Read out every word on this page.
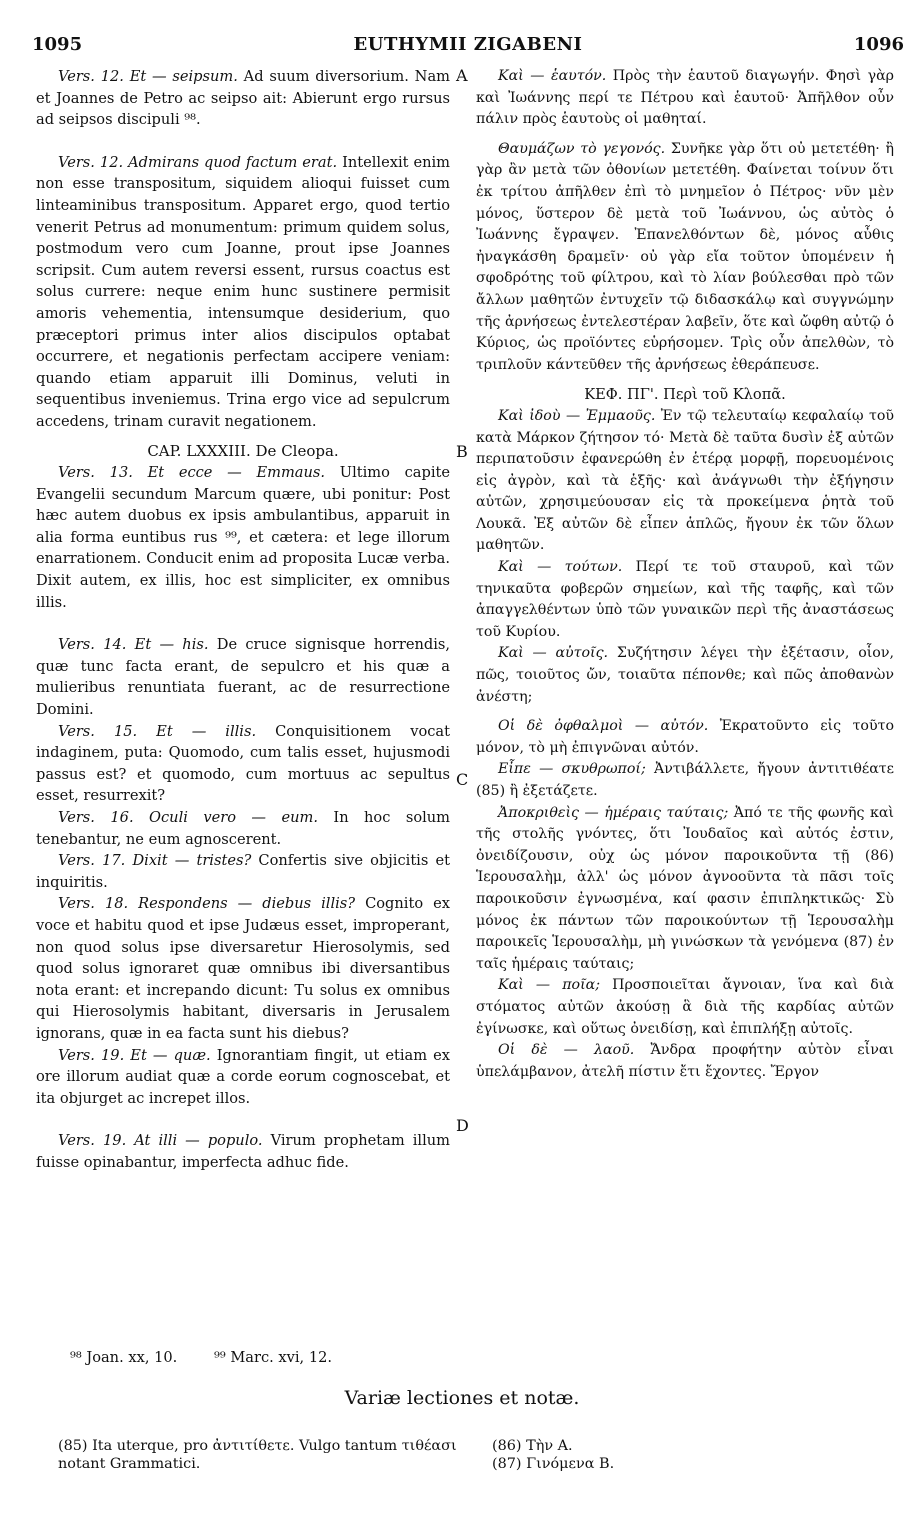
1095	EUTHYMII ZIGABENI	1096

Vers. 12. Et — seipsum. Ad suum diversorium. Nam et Joannes de Petro ac seipso ait: Abierunt ergo rursus ad seipsos discipuli ⁹⁸.

Vers. 12. Admirans quod factum erat. Intellexit enim non esse transpositum, siquidem alioqui fuisset cum linteaminibus transpositum. Apparet ergo, quod tertio venerit Petrus ad monumentum: primum quidem solus, postmodum vero cum Joanne, prout ipse Joannes scripsit. Cum autem reversi essent, rursus coactus est solus currere: neque enim hunc sustinere permisit amoris vehementia, intensumque desiderium, quo præceptori primus inter alios discipulos optabat occurrere, et negationis perfectam accipere veniam: quando etiam apparuit illi Dominus, veluti in sequentibus inveniemus. Trina ergo vice ad sepulcrum accedens, trinam curavit negationem.

CAP. LXXXIII. De Cleopa.

Vers. 13. Et ecce — Emmaus. Ultimo capite Evangelii secundum Marcum quære, ubi ponitur: Post hæc autem duobus ex ipsis ambulantibus, apparuit in alia forma euntibus rus ⁹⁹, et cætera: et lege illorum enarrationem. Conducit enim ad proposita Lucæ verba. Dixit autem, ex illis, hoc est simpliciter, ex omnibus illis.

Vers. 14. Et — his. De cruce signisque horrendis, quæ tunc facta erant, de sepulcro et his quæ a mulieribus renuntiata fuerant, ac de resurrectione Domini.

Vers. 15. Et — illis. Conquisitionem vocat indaginem, puta: Quomodo, cum talis esset, hujusmodi passus est? et quomodo, cum mortuus ac sepultus esset, resurrexit?

Vers. 16. Oculi vero — eum. In hoc solum tenebantur, ne eum agnoscerent.

Vers. 17. Dixit — tristes? Confertis sive objicitis et inquiritis.

Vers. 18. Respondens — diebus illis? Cognito ex voce et habitu quod et ipse Judæus esset, improperant, non quod solus ipse diversaretur Hierosolymis, sed quod solus ignoraret quæ omnibus ibi diversantibus nota erant: et increpando dicunt: Tu solus ex omnibus qui Hierosolymis habitant, diversaris in Jerusalem ignorans, quæ in ea facta sunt his diebus?

Vers. 19. Et — quæ. Ignorantiam fingit, ut etiam ex ore illorum audiat quæ a corde eorum cognoscebat, et ita objurget ac increpet illos.

Vers. 19. At illi — populo. Virum prophetam illum fuisse opinabantur, imperfecta adhuc fide.

A
B
C
D

Καὶ — ἑαυτόν. Πρὸς τὴν ἑαυτοῦ διαγωγήν. Φησὶ γὰρ καὶ Ἰωάννης περί τε Πέτρου καὶ ἑαυτοῦ· Ἀπῆλθον οὖν πάλιν πρὸς ἑαυτοὺς οἱ μαθηταί.

Θαυμάζων τὸ γεγονός. Συνῆκε γὰρ ὅτι οὐ μετετέθη· ἢ γὰρ ἂν μετὰ τῶν ὀθονίων μετετέθη. Φαίνεται τοίνυν ὅτι ἐκ τρίτου ἀπῆλθεν ἐπὶ τὸ μνημεῖον ὁ Πέτρος· νῦν μὲν μόνος, ὕστερον δὲ μετὰ τοῦ Ἰωάννου, ὡς αὐτὸς ὁ Ἰωάννης ἔγραψεν. Ἐπανελθόντων δὲ, μόνος αὖθις ἠναγκάσθη δραμεῖν· οὐ γὰρ εἴα τοῦτον ὑπομένειν ἡ σφοδρότης τοῦ φίλτρου, καὶ τὸ λίαν βούλεσθαι πρὸ τῶν ἄλλων μαθητῶν ἐντυχεῖν τῷ διδασκάλῳ καὶ συγγνώμην τῆς ἀρνήσεως ἐντελεστέραν λαβεῖν, ὅτε καὶ ὤφθη αὐτῷ ὁ Κύριος, ὡς προϊόντες εὑρήσομεν. Τρὶς οὖν ἀπελθὼν, τὸ τριπλοῦν κάντεῦθεν τῆς ἀρνήσεως ἐθεράπευσε.

ΚΕΦ. ΠΓ'. Περὶ τοῦ Κλοπᾶ.

Καὶ ἰδοὺ — Ἐμμαοῦς. Ἐν τῷ τελευταίῳ κεφαλαίῳ τοῦ κατὰ Μάρκον ζήτησον τό· Μετὰ δὲ ταῦτα δυσὶν ἐξ αὐτῶν περιπατοῦσιν ἐφανερώθη ἐν ἑτέρᾳ μορφῇ, πορευομένοις εἰς ἀγρὸν, καὶ τὰ ἑξῆς· καὶ ἀνάγνωθι τὴν ἐξήγησιν αὐτῶν, χρησιμεύουσαν εἰς τὰ προκείμενα ῥητὰ τοῦ Λουκᾶ. Ἐξ αὐτῶν δὲ εἶπεν ἁπλῶς, ἤγουν ἐκ τῶν ὅλων μαθητῶν.

Καὶ — τούτων. Περί τε τοῦ σταυροῦ, καὶ τῶν τηνικαῦτα φοβερῶν σημείων, καὶ τῆς ταφῆς, καὶ τῶν ἀπαγγελθέντων ὑπὸ τῶν γυναικῶν περὶ τῆς ἀναστάσεως τοῦ Κυρίου.

Καὶ — αὐτοῖς. Συζήτησιν λέγει τὴν ἐξέτασιν, οἷον, πῶς, τοιοῦτος ὤν, τοιαῦτα πέπονθε; καὶ πῶς ἀποθανὼν ἀνέστη;

Οἱ δὲ ὀφθαλμοὶ — αὐτόν. Ἐκρατοῦντο εἰς τοῦτο μόνον, τὸ μὴ ἐπιγνῶναι αὐτόν.

Εἶπε — σκυθρωποί; Ἀντιβάλλετε, ἤγουν ἀντιτιθέατε (85) ἢ ἐξετάζετε.

Ἀποκριθεὶς — ἡμέραις ταύταις; Ἀπό τε τῆς φωνῆς καὶ τῆς στολῆς γνόντες, ὅτι Ἰουδαῖος καὶ αὐτός ἐστιν, ὀνειδίζουσιν, οὐχ ὡς μόνον παροικοῦντα τῇ (86) Ἱερουσαλὴμ, ἀλλ' ὡς μόνον ἀγνοοῦντα τὰ πᾶσι τοῖς παροικοῦσιν ἐγνωσμένα, καί φασιν ἐπιπληκτικῶς· Σὺ μόνος ἐκ πάντων τῶν παροικούντων τῇ Ἱερουσαλὴμ παροικεῖς Ἱερουσαλὴμ, μὴ γινώσκων τὰ γενόμενα (87) ἐν ταῖς ἡμέραις ταύταις;

Καὶ — ποῖα; Προσποιεῖται ἄγνοιαν, ἵνα καὶ διὰ στόματος αὐτῶν ἀκούσῃ ἃ διὰ τῆς καρδίας αὐτῶν ἐγίνωσκε, καὶ οὕτως ὀνειδίσῃ, καὶ ἐπιπλήξῃ αὐτοῖς.

Οἱ δὲ — λαοῦ. Ἄνδρα προφήτην αὐτὸν εἶναι ὑπελάμβανον, ἀτελῆ πίστιν ἔτι ἔχοντες. Ἔργον

⁹⁸ Joan. xx, 10.	⁹⁹ Marc. xvi, 12.
Variæ lectiones et notæ.

(85) Ita uterque, pro ἀντιτίθετε. Vulgo tantum τιθέασι notant Grammatici.

(86) Τὴν Α.

(87) Γινόμενα Β.
